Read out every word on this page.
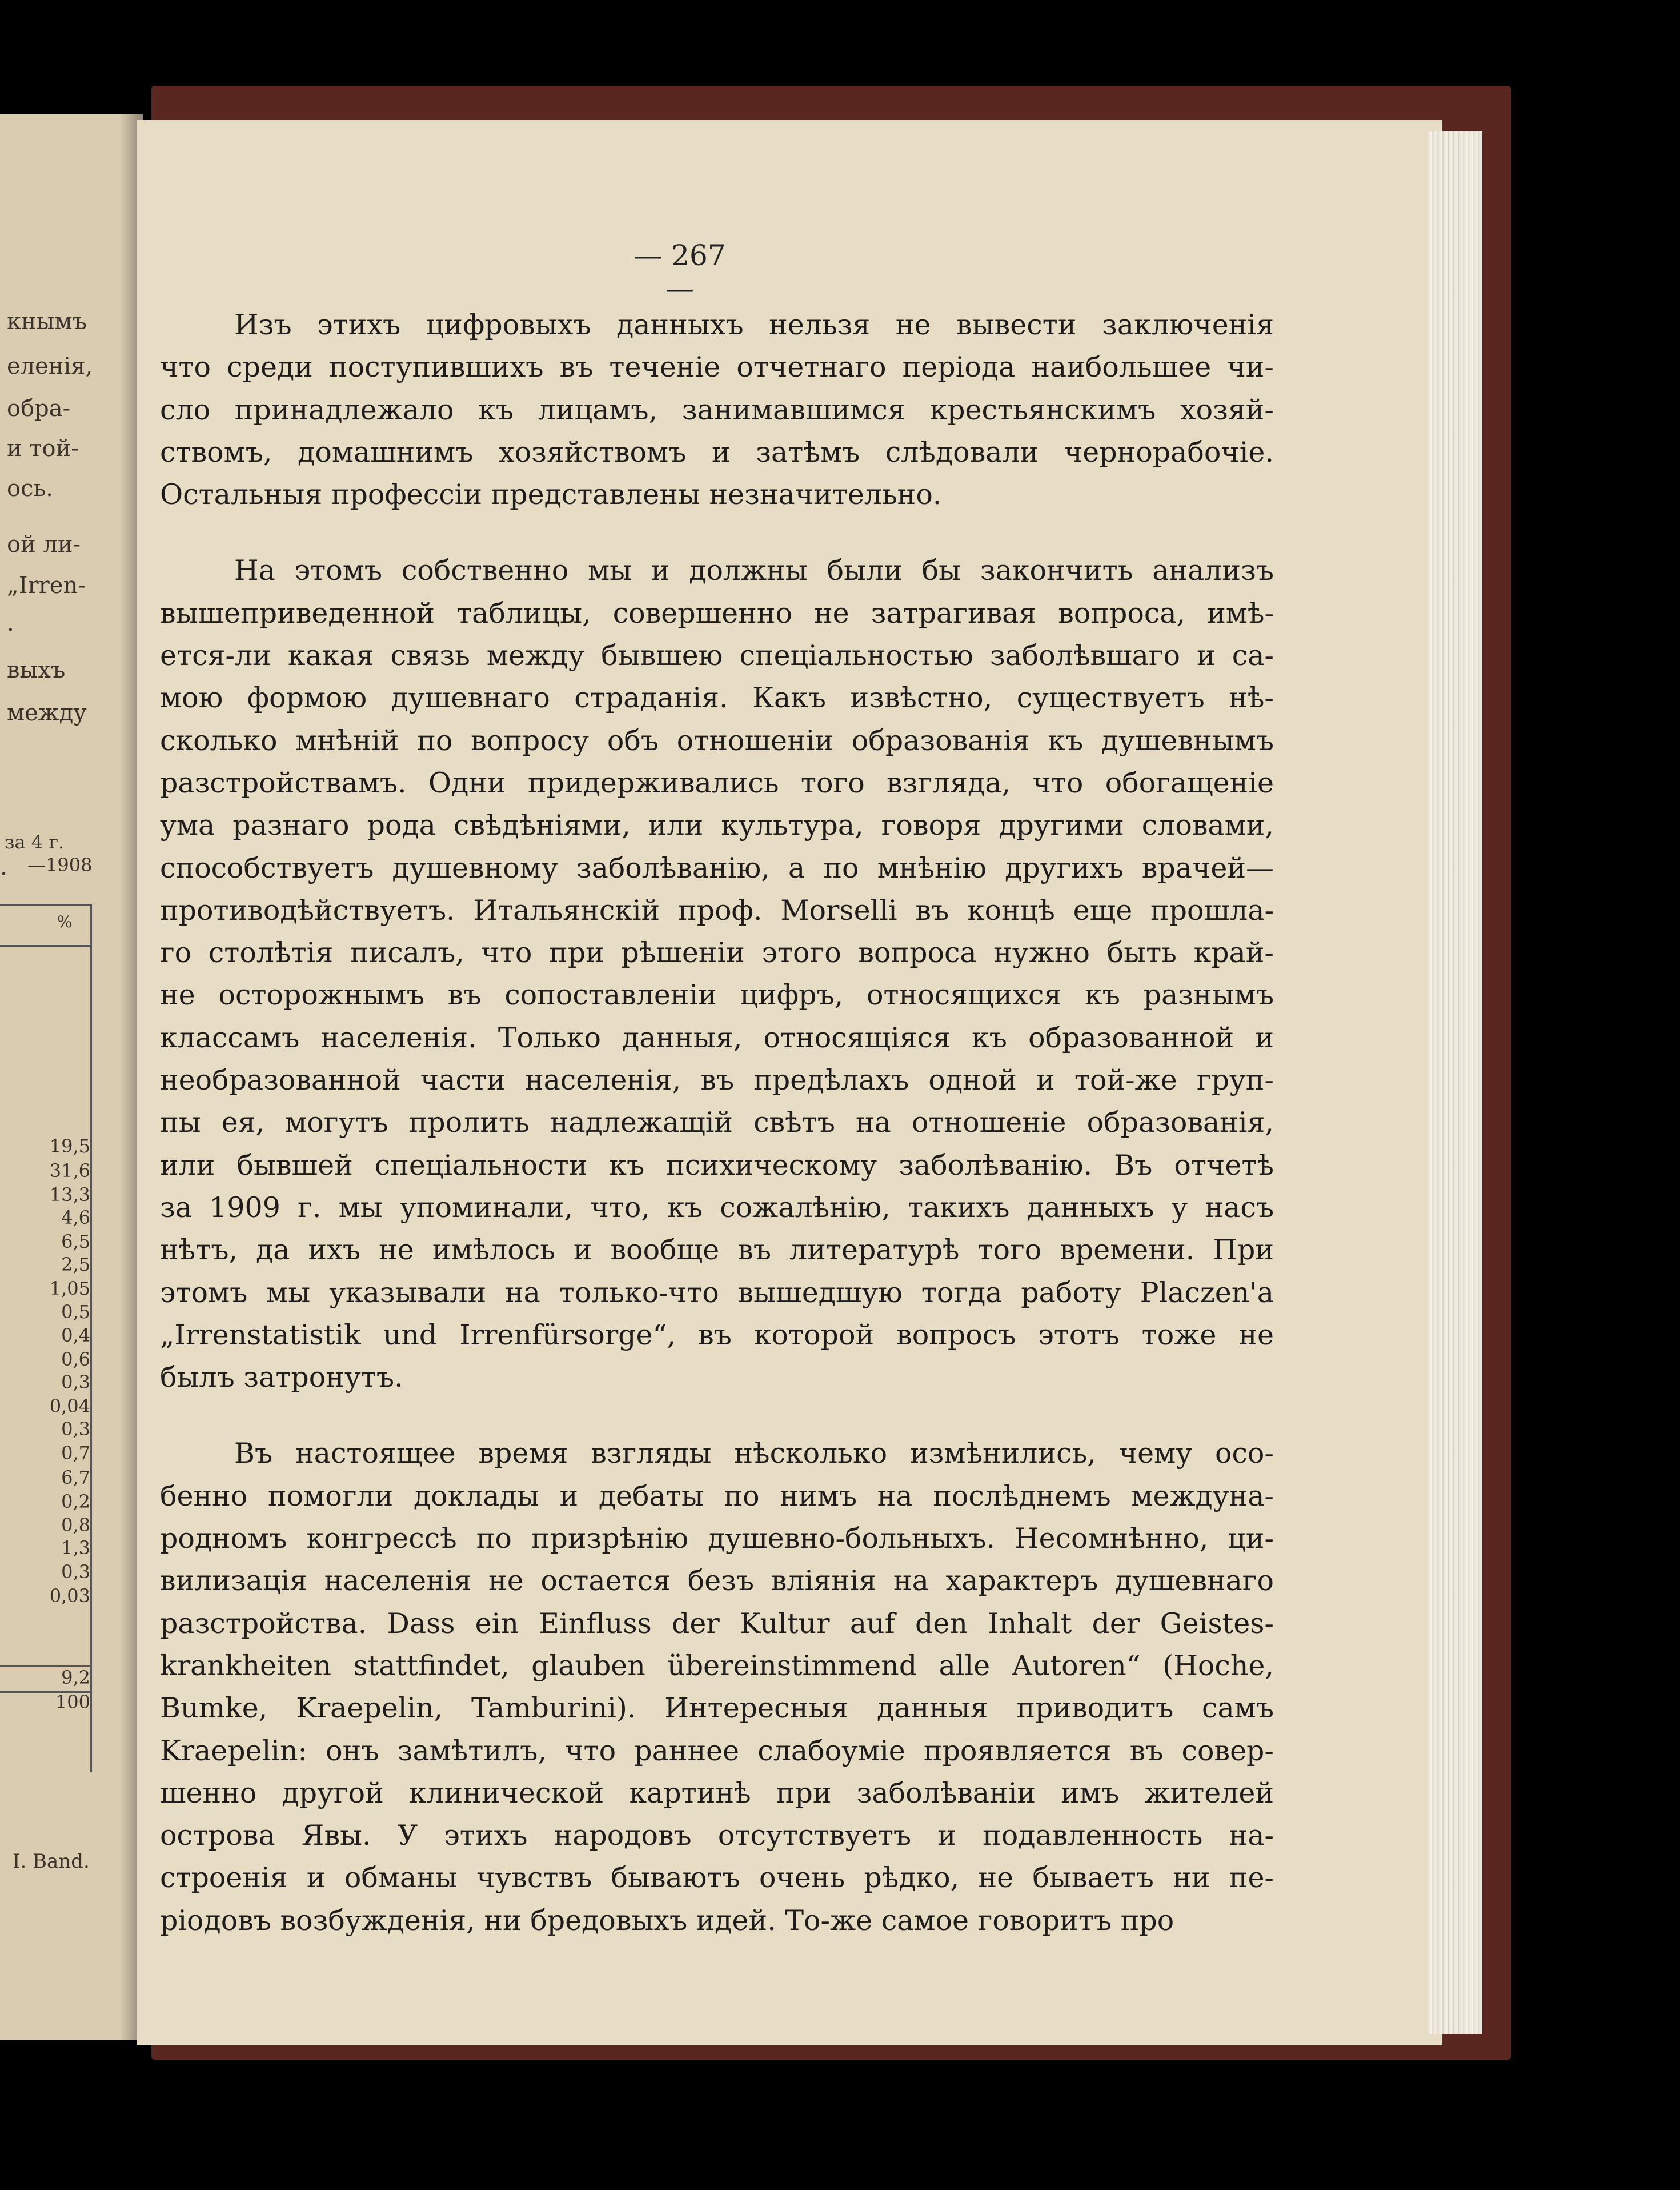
кнымъ
еленія,
обра-
и той-
ось.
ой ли-
„Irren-
.
выхъ
между
.
за 4 г.
—1908
%
19,5
31,6
13,3
4,6
6,5
2,5
1,05
0,5
0,4
0,6
0,3
0,04
0,3
0,7
6,7
0,2
0,8
1,3
0,3
0,03
9,2
100
I. Band.
— 267 —
Изъ этихъ цифровыхъ данныхъ нельзя не вывести заключенія
что среди поступившихъ въ теченіе отчетнаго періода наибольшее чи-
сло принадлежало къ лицамъ, занимавшимся крестьянскимъ хозяй-
ствомъ, домашнимъ хозяйствомъ и затѣмъ слѣдовали чернорабочіе.
Остальныя профессіи представлены незначительно.
На этомъ собственно мы и должны были бы закончить анализъ
вышеприведенной таблицы, совершенно не затрагивая вопроса, имѣ-
ется-ли какая связь между бывшею спеціальностью заболѣвшаго и са-
мою формою душевнаго страданія. Какъ извѣстно, существуетъ нѣ-
сколько мнѣній по вопросу объ отношеніи образованія къ душевнымъ
разстройствамъ. Одни придерживались того взгляда, что обогащеніе
ума разнаго рода свѣдѣніями, или культура, говоря другими словами,
способствуетъ душевному заболѣванію, а по мнѣнію другихъ врачей—
противодѣйствуетъ. Итальянскій проф. Morselli въ концѣ еще прошла-
го столѣтія писалъ, что при рѣшеніи этого вопроса нужно быть край-
не осторожнымъ въ сопоставленіи цифръ, относящихся къ разнымъ
классамъ населенія. Только данныя, относящіяся къ образованной и
необразованной части населенія, въ предѣлахъ одной и той-же груп-
пы ея, могутъ пролить надлежащій свѣтъ на отношеніе образованія,
или бывшей спеціальности къ психическому заболѣванію. Въ отчетѣ
за 1909 г. мы упоминали, что, къ сожалѣнію, такихъ данныхъ у насъ
нѣтъ, да ихъ не имѣлось и вообще въ литературѣ того времени. При
этомъ мы указывали на только-что вышедшую тогда работу Placzen'a
„Irrenstatistik und Irrenfürsorge“, въ которой вопросъ этотъ тоже не
былъ затронутъ.
Въ настоящее время взгляды нѣсколько измѣнились, чему осо-
бенно помогли доклады и дебаты по нимъ на послѣднемъ междуна-
родномъ конгрессѣ по призрѣнію душевно-больныхъ. Несомнѣнно, ци-
вилизація населенія не остается безъ вліянія на характеръ душевнаго
разстройства. Dass ein Einfluss der Kultur auf den Inhalt der Geistes-
krankheiten stattfindet, glauben übereinstimmend alle Autoren“ (Hoche,
Bumke, Kraepelin, Tamburini). Интересныя данныя приводитъ самъ
Kraepelin: онъ замѣтилъ, что раннее слабоуміе проявляется въ совер-
шенно другой клинической картинѣ при заболѣваніи имъ жителей
острова Явы. У этихъ народовъ отсутствуетъ и подавленность на-
строенія и обманы чувствъ бываютъ очень рѣдко, не бываетъ ни пе-
ріодовъ возбужденія, ни бредовыхъ идей. То-же самое говоритъ про
